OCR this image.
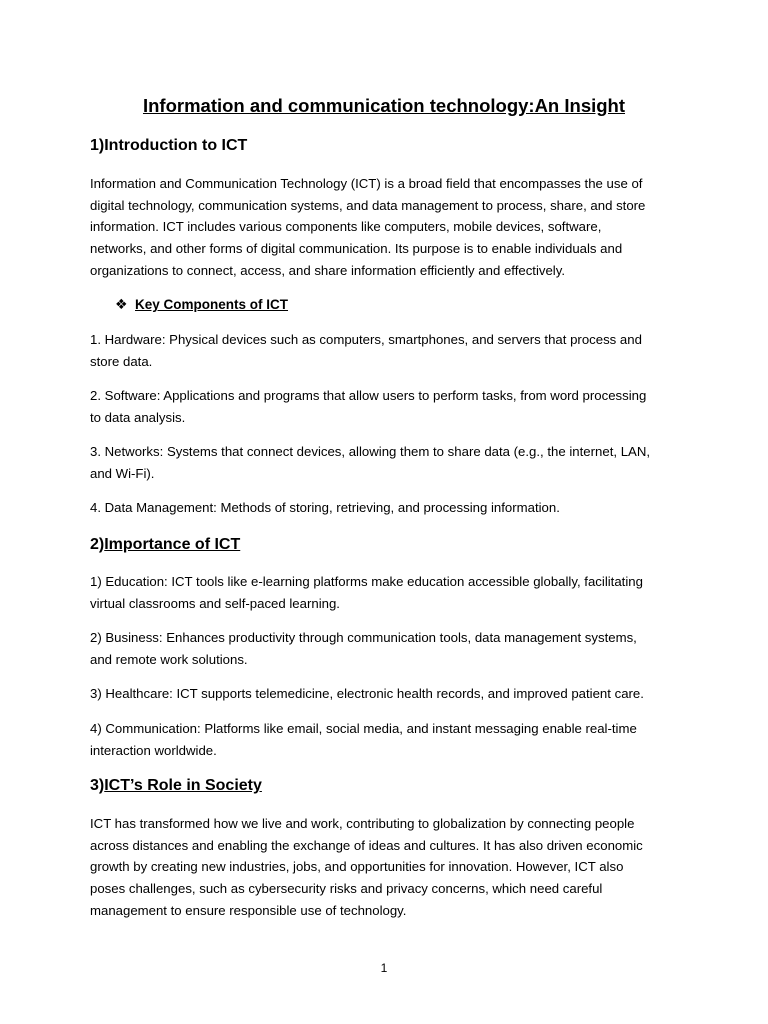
Information and communication technology:An Insight
1)Introduction to ICT

Information and Communication Technology (ICT) is a broad field that encompasses the use of
digital technology, communication systems, and data management to process, share, and store
information. ICT includes various components like computers, mobile devices, software,
networks, and other forms of digital communication. Its purpose is to enable individuals and
organizations to connect, access, and share information efficiently and effectively.

❖ Key Components of ICT

1. Hardware: Physical devices such as computers, smartphones, and servers that process and
store data.

2. Software: Applications and programs that allow users to perform tasks, from word processing
to data analysis.

3. Networks: Systems that connect devices, allowing them to share data (e.g., the internet, LAN,
and Wi-Fi).

4. Data Management: Methods of storing, retrieving, and processing information.

2)Importance of ICT

1) Education: ICT tools like e-learning platforms make education accessible globally, facilitating
virtual classrooms and self-paced learning.

2) Business: Enhances productivity through communication tools, data management systems,
and remote work solutions.

3) Healthcare: ICT supports telemedicine, electronic health records, and improved patient care.

4) Communication: Platforms like email, social media, and instant messaging enable real-time
interaction worldwide.

3)ICT’s Role in Society

ICT has transformed how we live and work, contributing to globalization by connecting people
across distances and enabling the exchange of ideas and cultures. It has also driven economic
growth by creating new industries, jobs, and opportunities for innovation. However, ICT also
poses challenges, such as cybersecurity risks and privacy concerns, which need careful
management to ensure responsible use of technology.

1
